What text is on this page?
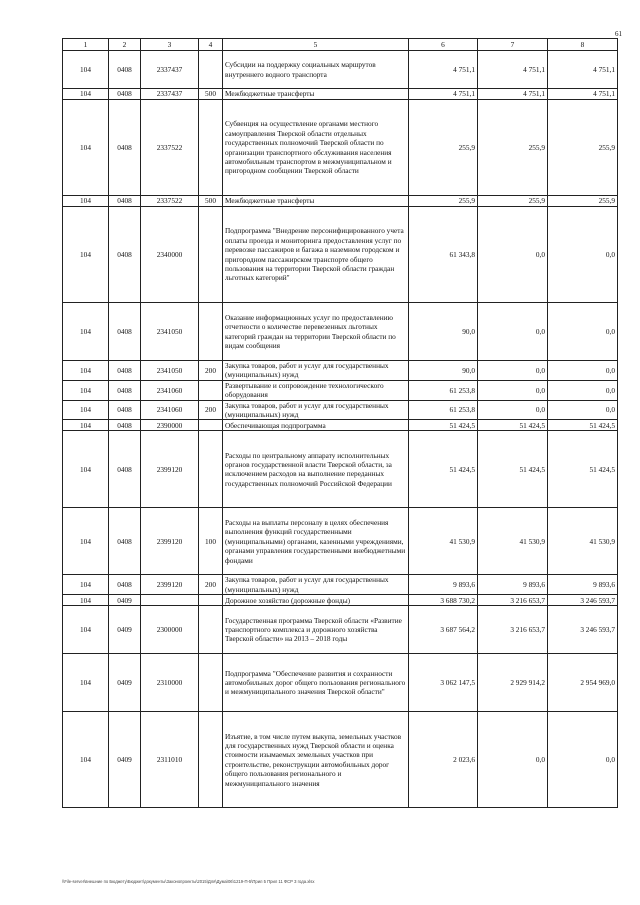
61
1	2	3	4	5	6	7	8
104	0408	2337437		Субсидии на поддержку социальных маршрутов внутреннего водного транспорта	4 751,1	4 751,1	4 751,1
104	0408	2337437	500	Межбюджетные трансферты	4 751,1	4 751,1	4 751,1
104	0408	2337522		Субвенция на осуществление органами местного самоуправления Тверской области отдельных государственных полномочий Тверской области по организации транспортного обслуживания населения автомобильным транспортом в межмуниципальном и пригородном сообщении Тверской области	255,9	255,9	255,9
104	0408	2337522	500	Межбюджетные трансферты	255,9	255,9	255,9
104	0408	2340000		Подпрограмма "Внедрение персонифицированного учета оплаты проезда и мониторинга предоставления услуг по перевозке пассажиров и багажа в наземном городском и пригородном пассажирском транспорте общего пользования на территории Тверской области граждан льготных категорий"	61 343,8	0,0	0,0
104	0408	2341050		Оказание информационных услуг по предоставлению отчетности о количестве перевезенных льготных категорий граждан на территории Тверской области по видам сообщения	90,0	0,0	0,0
104	0408	2341050	200	Закупка товаров, работ и услуг для государственных (муниципальных) нужд	90,0	0,0	0,0
104	0408	2341060		Развертывание и сопровождение технологического оборудования	61 253,8	0,0	0,0
104	0408	2341060	200	Закупка товаров, работ и услуг для государственных (муниципальных) нужд	61 253,8	0,0	0,0
104	0408	2390000		Обеспечивающая подпрограмма	51 424,5	51 424,5	51 424,5
104	0408	2399120		Расходы по центральному аппарату исполнительных органов государственной власти Тверской области, за исключением расходов на выполнение переданных государственных полномочий Российской Федерации	51 424,5	51 424,5	51 424,5
104	0408	2399120	100	Расходы на выплаты персоналу в целях обеспечения выполнения функций государственными (муниципальными) органами, казенными учреждениями, органами управления государственными внебюджетными фондами	41 530,9	41 530,9	41 530,9
104	0408	2399120	200	Закупка товаров, работ и услуг для государственных (муниципальных) нужд	9 893,6	9 893,6	9 893,6
104	0409			Дорожное хозяйство (дорожные фонды)	3 688 730,2	3 216 653,7	3 246 593,7
104	0409	2300000		Государственная программа Тверской области «Развитие транспортного комплекса и дорожного хозяйства Тверской области» на 2013 – 2018 годы	3 687 564,2	3 216 653,7	3 246 593,7
104	0409	2310000		Подпрограмма "Обеспечение развития и сохранности автомобильных дорог общего пользования регионального и межмуниципального значения Тверской области"	3 062 147,5	2 929 914,2	2 954 969,0
104	0409	2311010		Изъятие, в том числе путем выкупа, земельных участков для государственных нужд Тверской области и оценка стоимости изымаемых земельных участков при строительстве, реконструкции автомобильных дорог общего пользования регионального и межмуниципального значения	2 023,6	0,0	0,0
\\File-server\внешние по Бюджету\Бюджет\документы\Законопроекты\2015\Для\Дума\06\1219-П-5\Прил 5 Прил 11 ФСР 3 года.xlsx
